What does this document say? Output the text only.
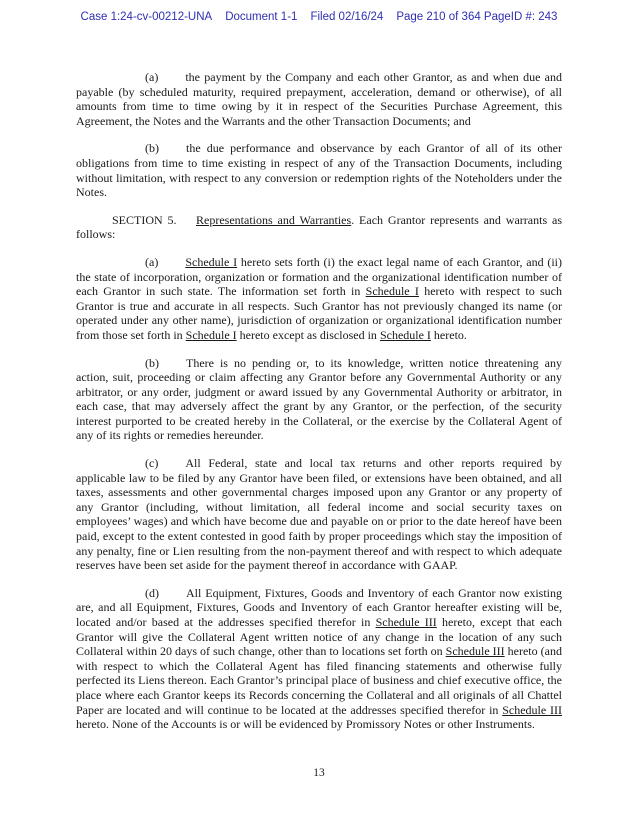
Case 1:24-cv-00212-UNA Document 1-1 Filed 02/16/24 Page 210 of 364 PageID #: 243

(a) the payment by the Company and each other Grantor, as and when due and payable (by scheduled maturity, required prepayment, acceleration, demand or otherwise), of all amounts from time to time owing by it in respect of the Securities Purchase Agreement, this Agreement, the Notes and the Warrants and the other Transaction Documents; and

(b) the due performance and observance by each Grantor of all of its other obligations from time to time existing in respect of any of the Transaction Documents, including without limitation, with respect to any conversion or redemption rights of the Noteholders under the Notes.

SECTION 5.    Representations and Warranties. Each Grantor represents and warrants as follows:

(a) Schedule I hereto sets forth (i) the exact legal name of each Grantor, and (ii) the state of incorporation, organization or formation and the organizational identification number of each Grantor in such state. The information set forth in Schedule I hereto with respect to such Grantor is true and accurate in all respects. Such Grantor has not previously changed its name (or operated under any other name), jurisdiction of organization or organizational identification number from those set forth in Schedule I hereto except as disclosed in Schedule I hereto.

(b) There is no pending or, to its knowledge, written notice threatening any action, suit, proceeding or claim affecting any Grantor before any Governmental Authority or any arbitrator, or any order, judgment or award issued by any Governmental Authority or arbitrator, in each case, that may adversely affect the grant by any Grantor, or the perfection, of the security interest purported to be created hereby in the Collateral, or the exercise by the Collateral Agent of any of its rights or remedies hereunder.

(c) All Federal, state and local tax returns and other reports required by applicable law to be filed by any Grantor have been filed, or extensions have been obtained, and all taxes, assessments and other governmental charges imposed upon any Grantor or any property of any Grantor (including, without limitation, all federal income and social security taxes on employees’ wages) and which have become due and payable on or prior to the date hereof have been paid, except to the extent contested in good faith by proper proceedings which stay the imposition of any penalty, fine or Lien resulting from the non-payment thereof and with respect to which adequate reserves have been set aside for the payment thereof in accordance with GAAP.

(d) All Equipment, Fixtures, Goods and Inventory of each Grantor now existing are, and all Equipment, Fixtures, Goods and Inventory of each Grantor hereafter existing will be, located and/or based at the addresses specified therefor in Schedule III hereto, except that each Grantor will give the Collateral Agent written notice of any change in the location of any such Collateral within 20 days of such change, other than to locations set forth on Schedule III hereto (and with respect to which the Collateral Agent has filed financing statements and otherwise fully perfected its Liens thereon. Each Grantor’s principal place of business and chief executive office, the place where each Grantor keeps its Records concerning the Collateral and all originals of all Chattel Paper are located and will continue to be located at the addresses specified therefor in Schedule III hereto. None of the Accounts is or will be evidenced by Promissory Notes or other Instruments.

13
